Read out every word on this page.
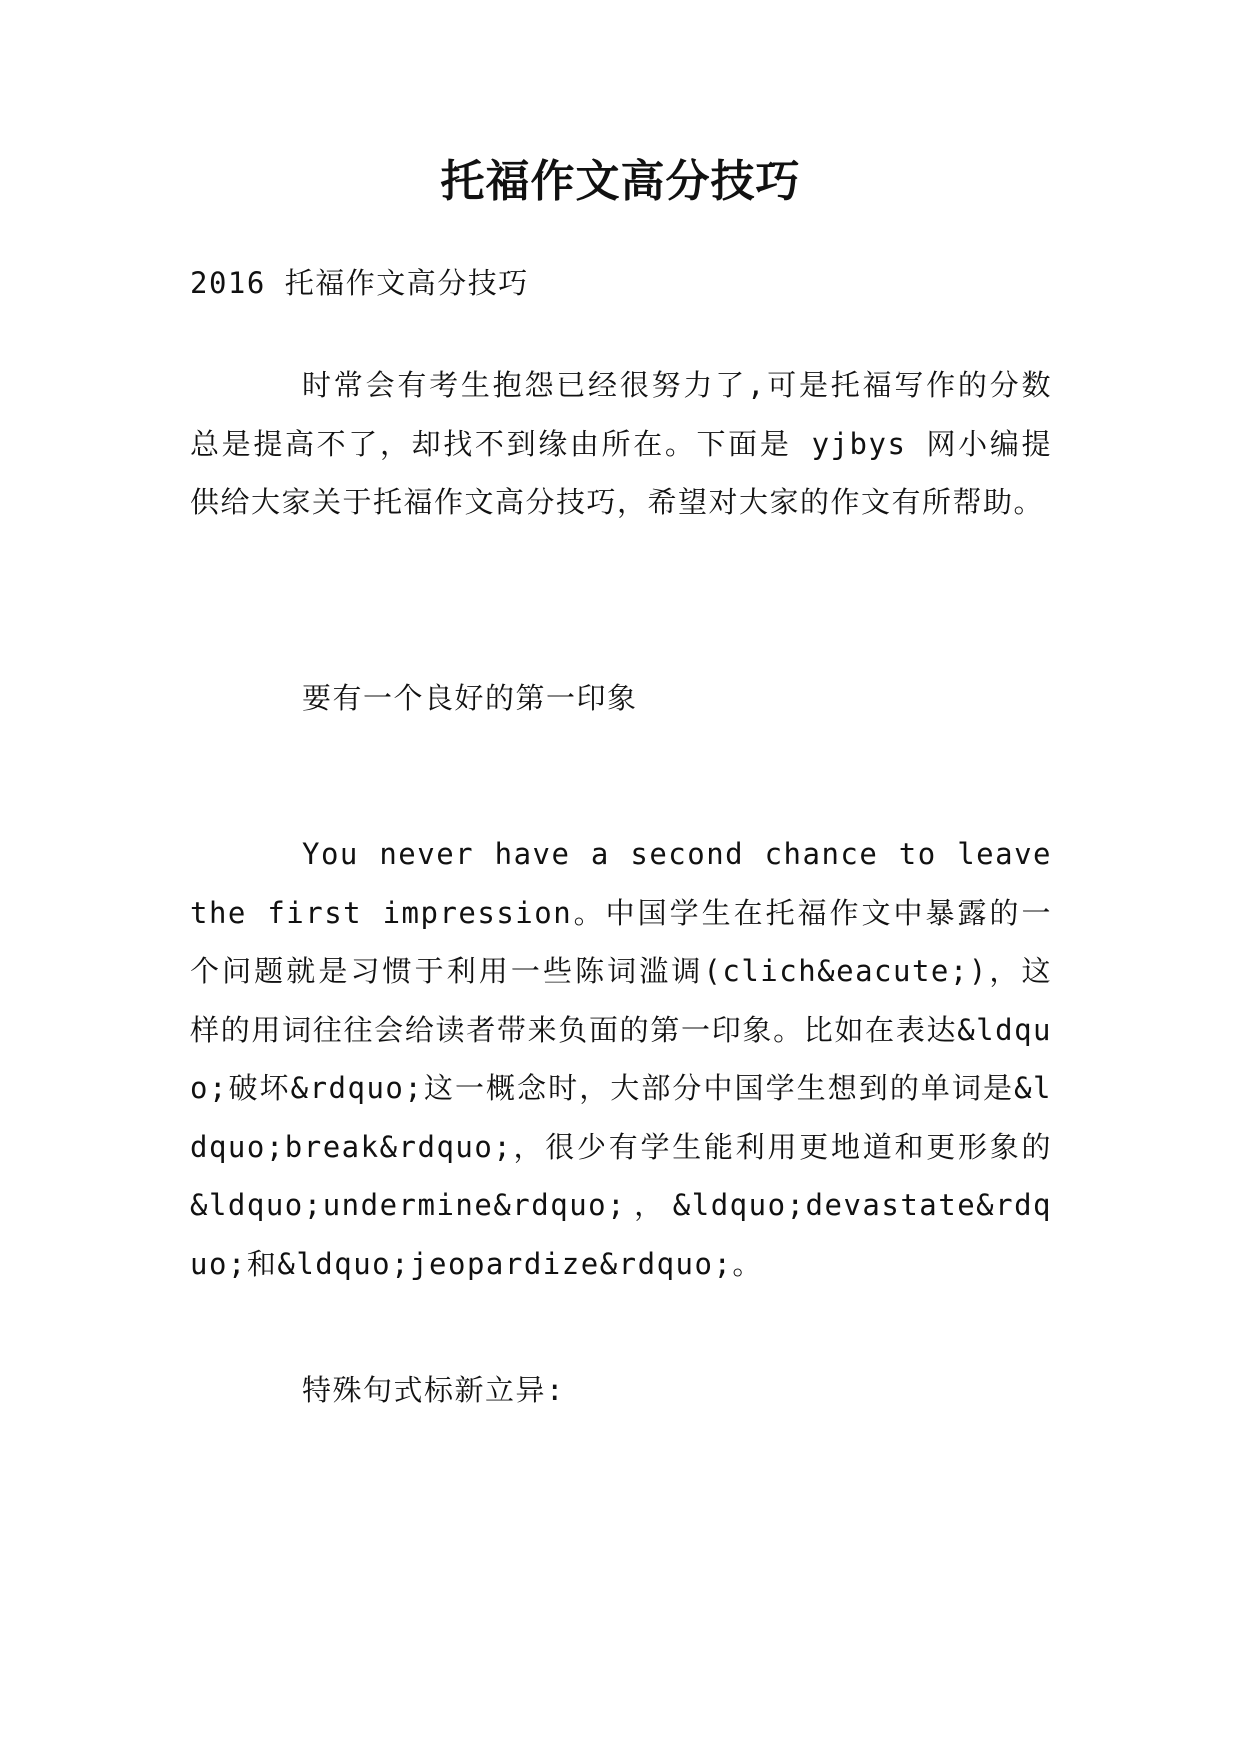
托福作文高分技巧
2016 托福作文高分技巧
时常会有考生抱怨已经很努力了,可是托福写作的分数总是提高不了，却找不到缘由所在。下面是 yjbys 网小编提供给大家关于托福作文高分技巧，希望对大家的作文有所帮助。
要有一个良好的第一印象
You never have a second chance to leave the first impression。中国学生在托福作文中暴露的一个问题就是习惯于利用一些陈词滥调(clich&eacute;)，这样的用词往往会给读者带来负面的第一印象。比如在表达&ldquo;破坏&rdquo;这一概念时，大部分中国学生想到的单词是&ldquo;break&rdquo;，很少有学生能利用更地道和更形象的 &ldquo;undermine&rdquo;，&ldquo;devastate&rdquo;和&ldquo;jeopardize&rdquo;。
特殊句式标新立异:
